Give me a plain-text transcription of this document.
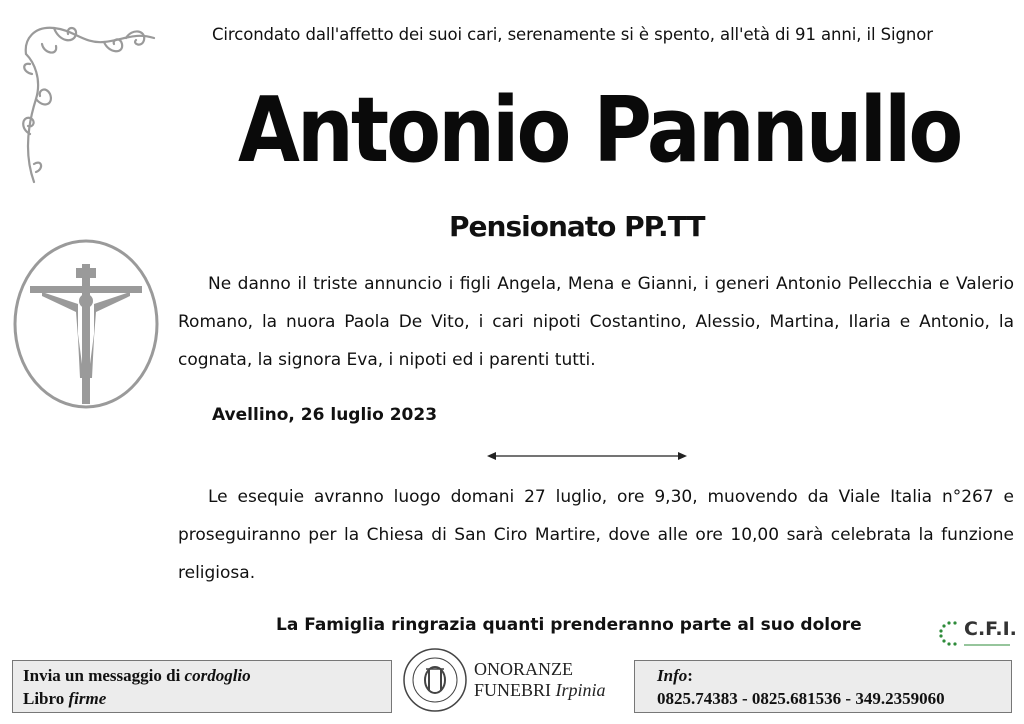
Circondato dall'affetto dei suoi cari, serenamente si è spento, all'età di 91 anni, il Signor
Antonio Pannullo
Pensionato PP.TT

Ne danno il triste annuncio i figli Angela, Mena e Gianni, i generi Antonio Pellecchia e Valerio Romano, la nuora Paola De Vito, i cari nipoti Costantino, Alessio, Martina, Ilaria e Antonio, la cognata, la signora Eva, i nipoti ed i parenti tutti.

Avellino, 26 luglio 2023

Le esequie avranno luogo domani 27 luglio, ore 9,30, muovendo da Viale Italia n°267 e proseguiranno per la Chiesa di San Ciro Martire, dove alle ore 10,00 sarà celebrata la funzione religiosa.

La Famiglia ringrazia quanti prenderanno parte al suo dolore	C.F.I.
Invia un messaggio di cordoglio
Libro firme
ONORANZE
FUNEBRI Irpinia
Info:
0825.74383 - 0825.681536 - 349.2359060
